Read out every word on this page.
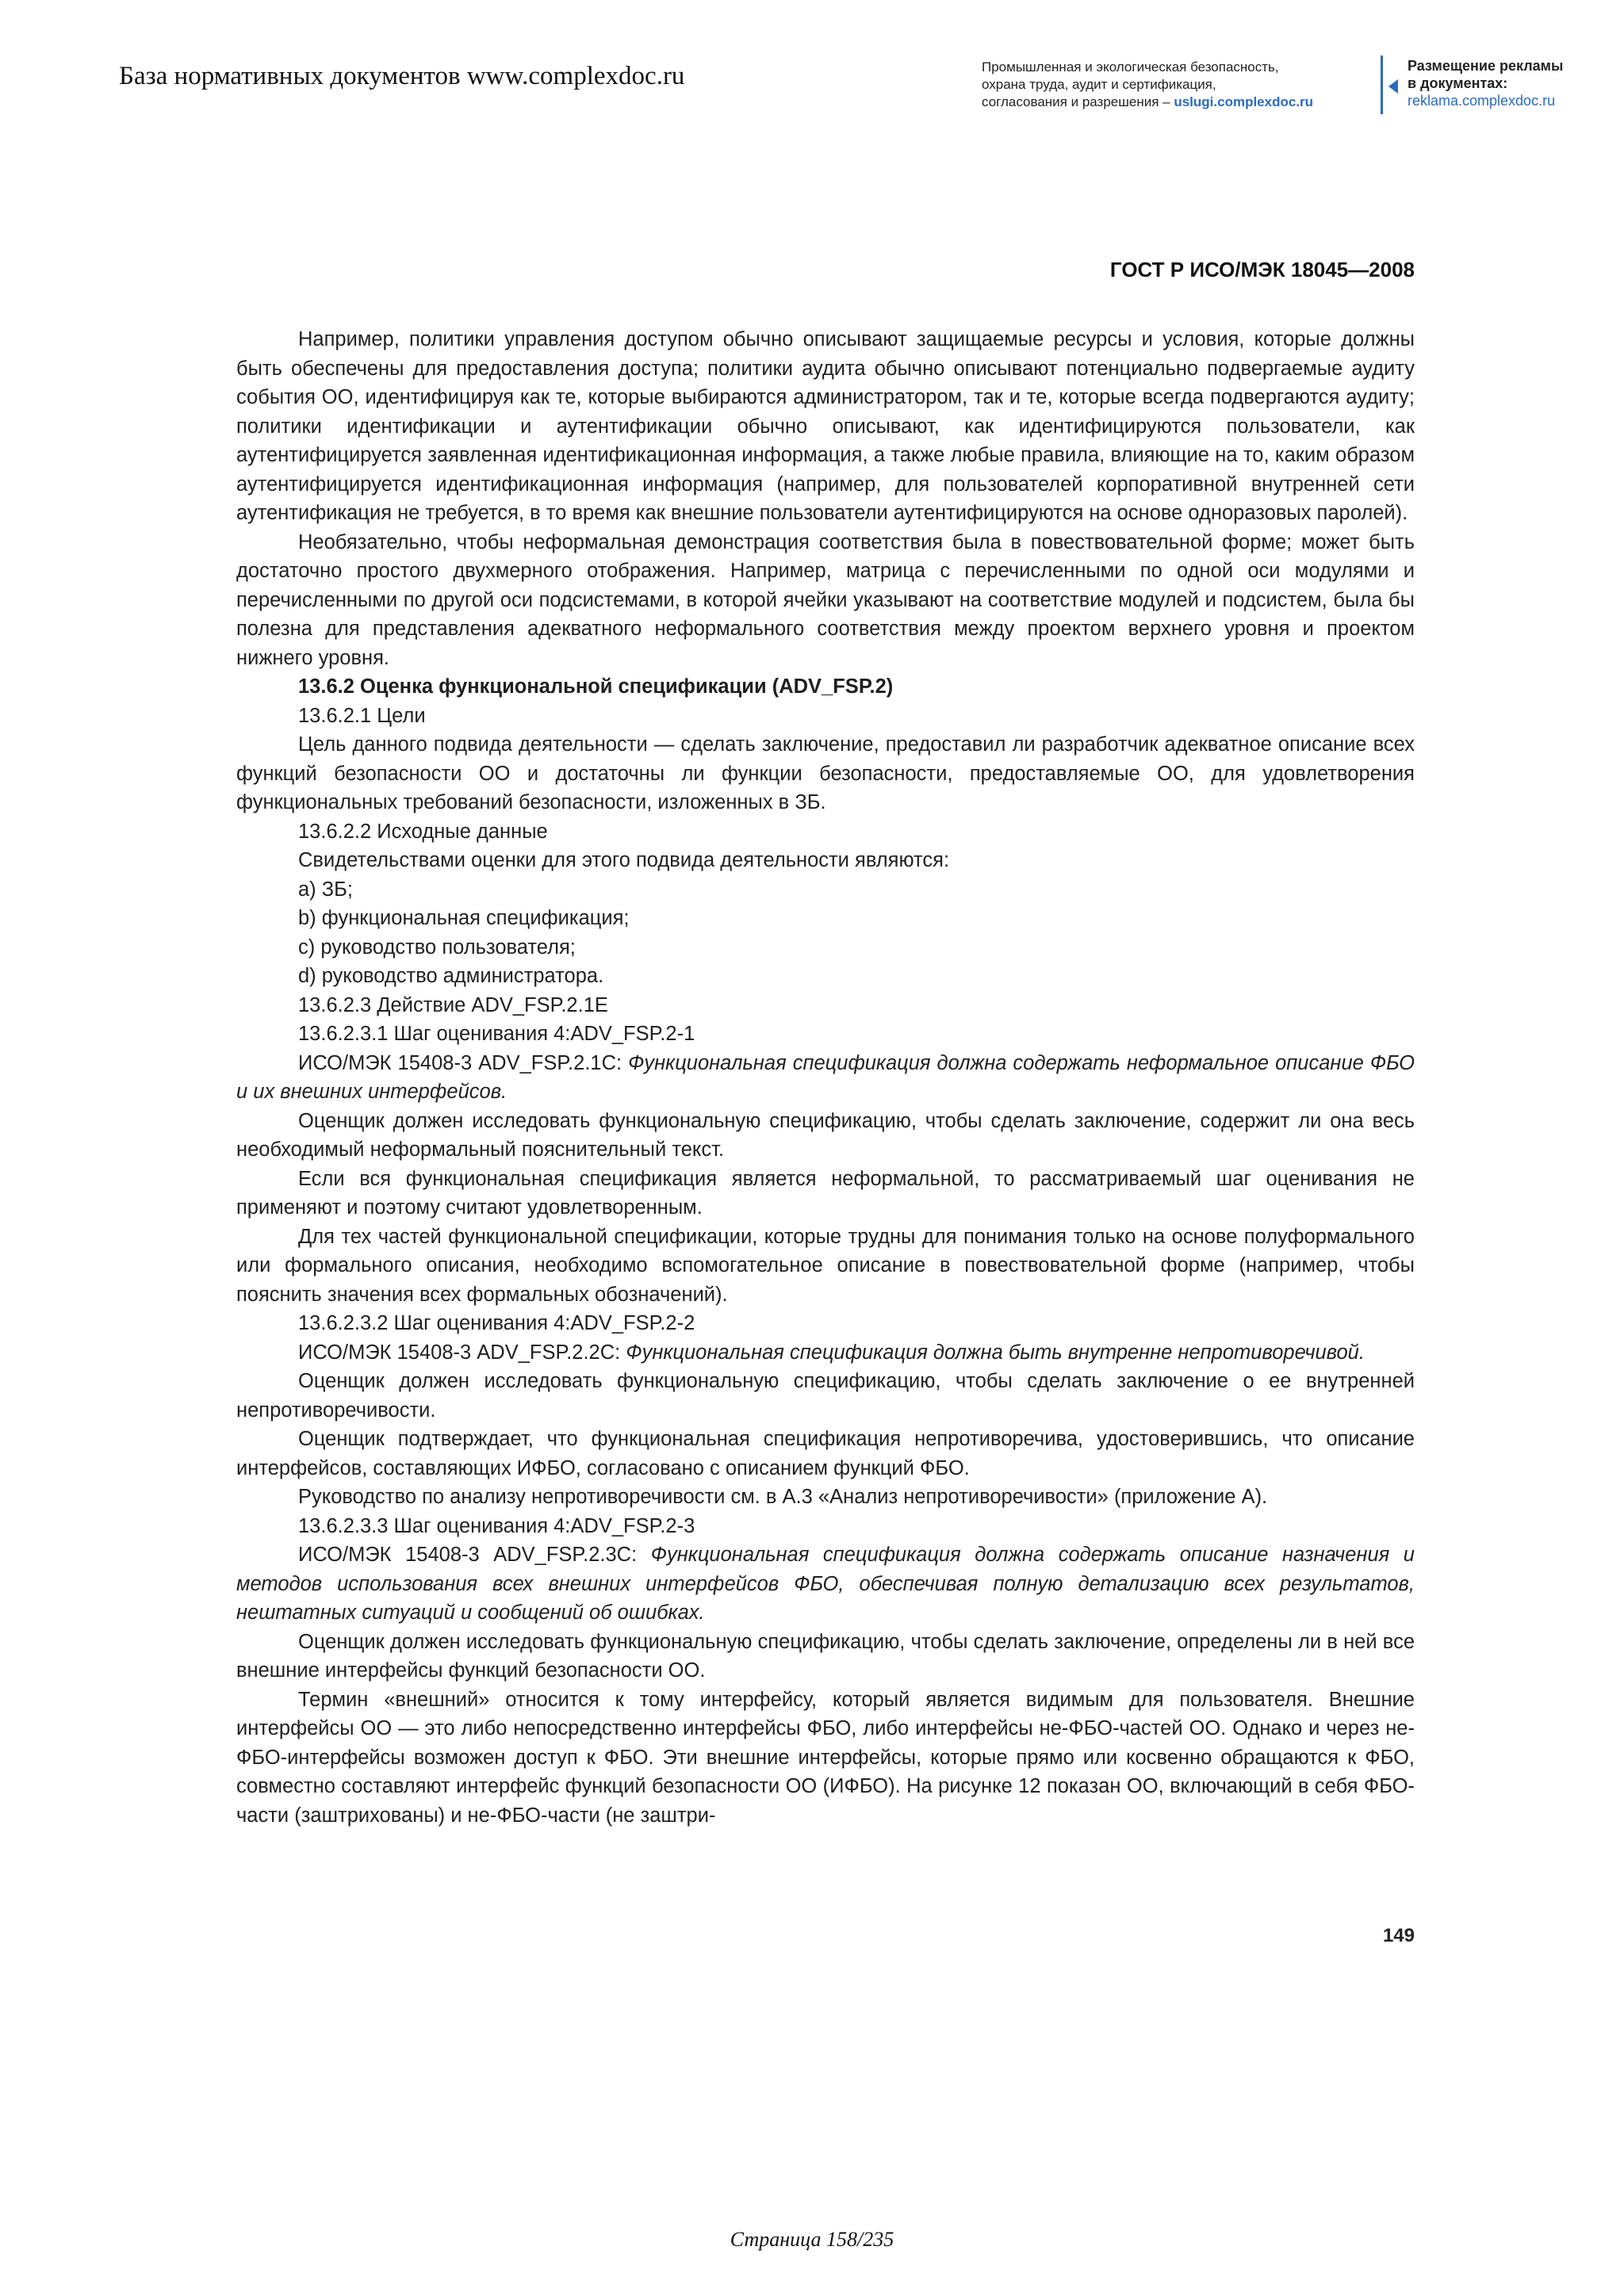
База нормативных документов www.complexdoc.ru	Промышленная и экологическая безопасность,
охрана труда, аудит и сертификация,
согласования и разрешения – uslugi.complexdoc.ru
Размещение рекламы
в документах:
reklama.complexdoc.ru
ГОСТ Р ИСО/МЭК 18045—2008

Например, политики управления доступом обычно описывают защищаемые ресурсы и условия, которые должны быть обеспечены для предоставления доступа; политики аудита обычно описывают потенциально подвергаемые аудиту события ОО, идентифицируя как те, которые выбираются администратором, так и те, которые всегда подвергаются аудиту; политики идентификации и аутентификации обычно описывают, как идентифицируются пользователи, как аутентифицируется заявленная идентификационная информация, а также любые правила, влияющие на то, каким образом аутентифицируется идентификационная информация (например, для пользователей корпоративной внутренней сети аутентификация не требуется, в то время как внешние пользователи аутентифицируются на основе одноразовых паролей).

Необязательно, чтобы неформальная демонстрация соответствия была в повествовательной форме; может быть достаточно простого двухмерного отображения. Например, матрица с перечисленными по одной оси модулями и перечисленными по другой оси подсистемами, в которой ячейки указывают на соответствие модулей и подсистем, была бы полезна для представления адекватного неформального соответствия между проектом верхнего уровня и проектом нижнего уровня.

13.6.2 Оценка функциональной спецификации (ADV_FSP.2)

13.6.2.1 Цели

Цель данного подвида деятельности — сделать заключение, предоставил ли разработчик адекватное описание всех функций безопасности ОО и достаточны ли функции безопасности, предоставляемые ОО, для удовлетворения функциональных требований безопасности, изложенных в ЗБ.

13.6.2.2 Исходные данные

Свидетельствами оценки для этого подвида деятельности являются:

a) ЗБ;

b) функциональная спецификация;

c) руководство пользователя;

d) руководство администратора.

13.6.2.3 Действие ADV_FSP.2.1E

13.6.2.3.1 Шаг оценивания 4:ADV_FSP.2-1

ИСО/МЭК 15408-3 ADV_FSP.2.1C: Функциональная спецификация должна содержать неформальное описание ФБО и их внешних интерфейсов.

Оценщик должен исследовать функциональную спецификацию, чтобы сделать заключение, содержит ли она весь необходимый неформальный пояснительный текст.

Если вся функциональная спецификация является неформальной, то рассматриваемый шаг оценивания не применяют и поэтому считают удовлетворенным.

Для тех частей функциональной спецификации, которые трудны для понимания только на основе полуформального или формального описания, необходимо вспомогательное описание в повествовательной форме (например, чтобы пояснить значения всех формальных обозначений).

13.6.2.3.2 Шаг оценивания 4:ADV_FSP.2-2

ИСО/МЭК 15408-3 ADV_FSP.2.2C: Функциональная спецификация должна быть внутренне непротиворечивой.

Оценщик должен исследовать функциональную спецификацию, чтобы сделать заключение о ее внутренней непротиворечивости.

Оценщик подтверждает, что функциональная спецификация непротиворечива, удостоверившись, что описание интерфейсов, составляющих ИФБО, согласовано с описанием функций ФБО.

Руководство по анализу непротиворечивости см. в А.3 «Анализ непротиворечивости» (приложение А).

13.6.2.3.3 Шаг оценивания 4:ADV_FSP.2-3

ИСО/МЭК 15408-3 ADV_FSP.2.3C: Функциональная спецификация должна содержать описание назначения и методов использования всех внешних интерфейсов ФБО, обеспечивая полную детализацию всех результатов, нештатных ситуаций и сообщений об ошибках.

Оценщик должен исследовать функциональную спецификацию, чтобы сделать заключение, определены ли в ней все внешние интерфейсы функций безопасности ОО.

Термин «внешний» относится к тому интерфейсу, который является видимым для пользователя. Внешние интерфейсы ОО — это либо непосредственно интерфейсы ФБО, либо интерфейсы не-ФБО-частей ОО. Однако и через не-ФБО-интерфейсы возможен доступ к ФБО. Эти внешние интерфейсы, которые прямо или косвенно обращаются к ФБО, совместно составляют интерфейс функций безопасности ОО (ИФБО). На рисунке 12 показан ОО, включающий в себя ФБО-части (заштрихованы) и не-ФБО-части (не заштри-

149
Страница 158/235
